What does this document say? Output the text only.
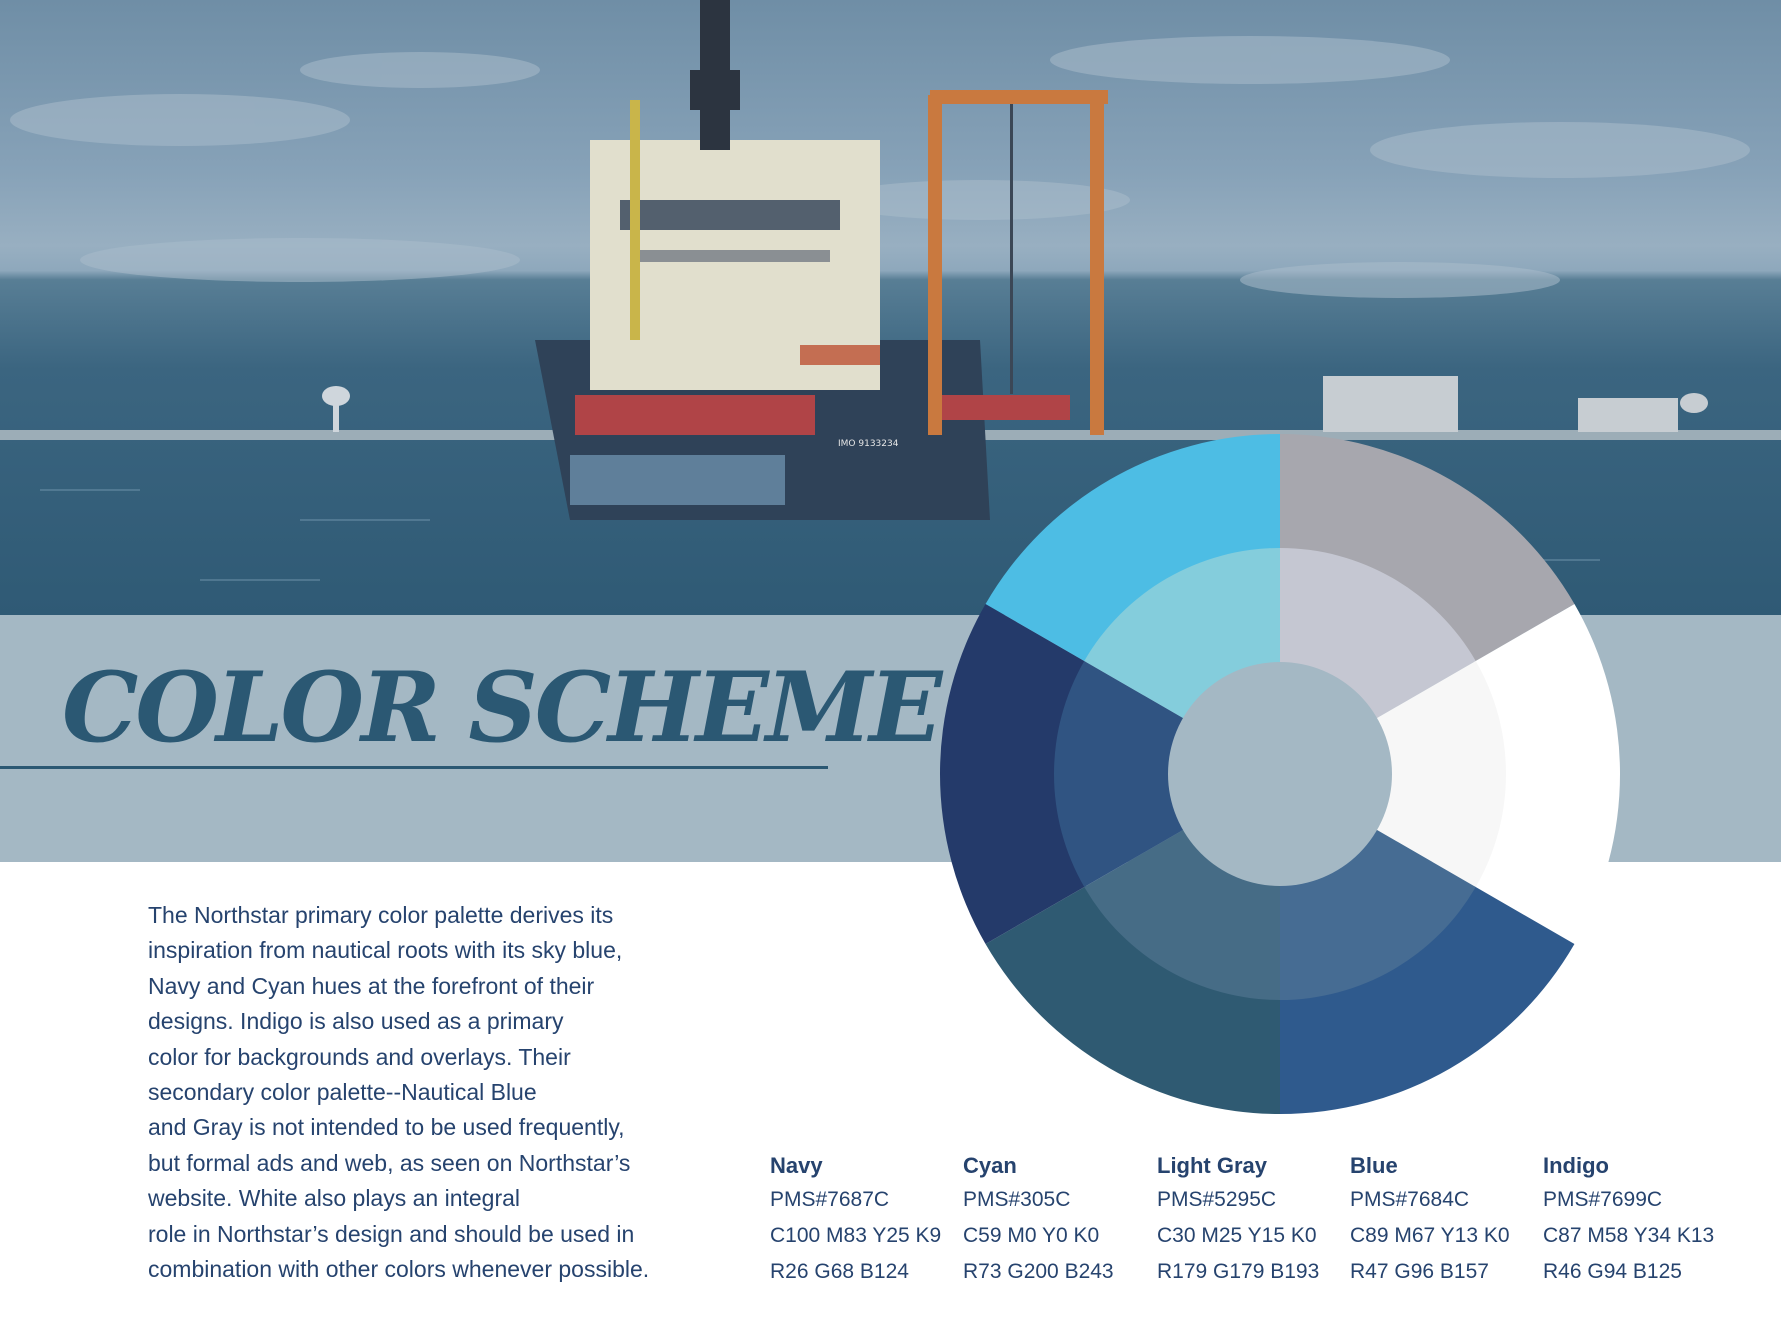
IMO 9133234
COLOR SCHEME

The Northstar primary color palette derives its
inspiration from nautical roots with its sky blue,
Navy and Cyan hues at the forefront of their
designs. Indigo is also used as a primary
color for backgrounds and overlays. Their
secondary color palette--Nautical Blue
and Gray is not intended to be used frequently,
but formal ads and web, as seen on Northstar’s
website. White also plays an integral
role in Northstar’s design and should be used in
combination with other colors whenever possible.

Navy
PMS#7687C
C100 M83 Y25 K9
R26 G68 B124
Cyan
PMS#305C
C59 M0 Y0 K0
R73 G200 B243
Light Gray
PMS#5295C
C30 M25 Y15 K0
R179 G179 B193
Blue
PMS#7684C
C89 M67 Y13 K0
R47 G96 B157
Indigo
PMS#7699C
C87 M58 Y34 K13
R46 G94 B125
